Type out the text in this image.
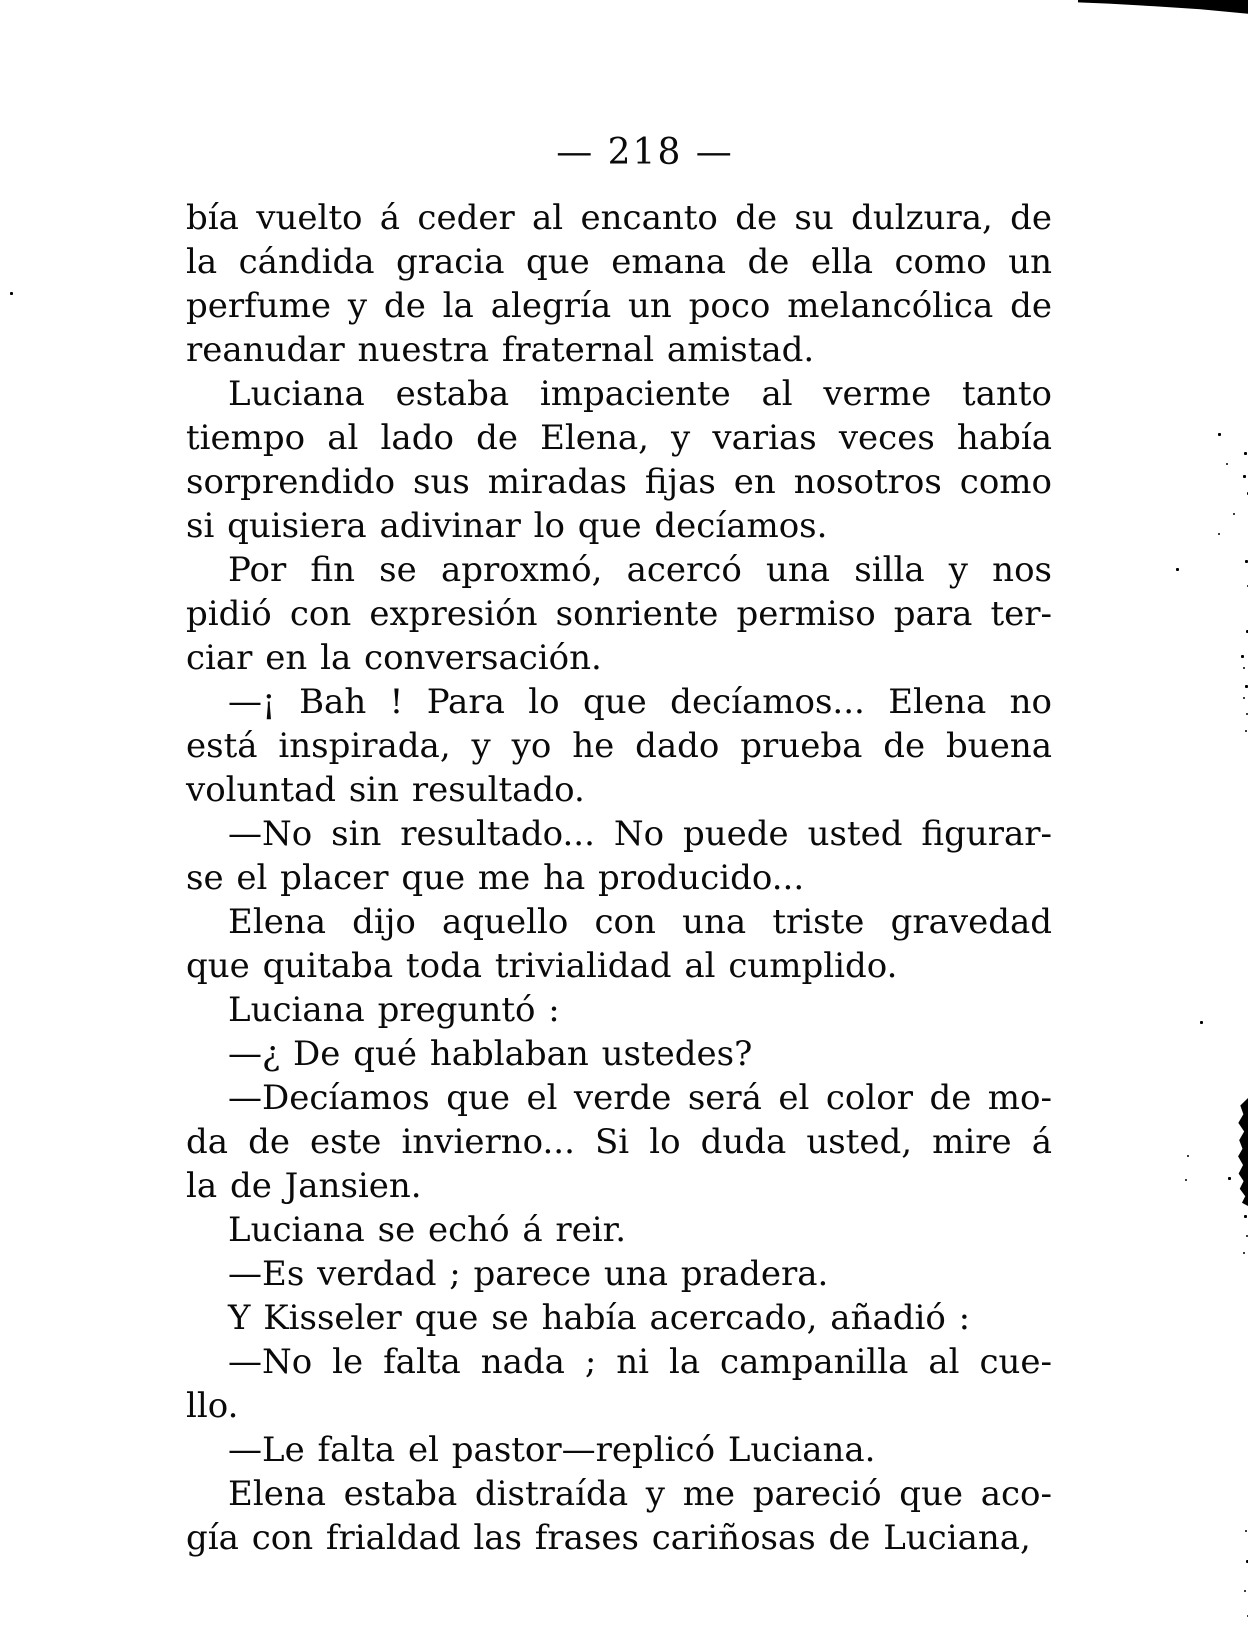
— 218 —
bía vuelto á ceder al encanto de su dulzura, de
la cándida gracia que emana de ella como un
perfume y de la alegría un poco melancólica de
reanudar nuestra fraternal amistad.
Luciana estaba impaciente al verme tanto
tiempo al lado de Elena, y varias veces había
sorprendido sus miradas fijas en nosotros como
si quisiera adivinar lo que decíamos.
Por fin se aproxmó, acercó una silla y nos
pidió con expresión sonriente permiso para ter-
ciar en la conversación.
—¡ Bah ! Para lo que decíamos... Elena no
está inspirada, y yo he dado prueba de buena
voluntad sin resultado.
—No sin resultado... No puede usted figurar-
se el placer que me ha producido...
Elena dijo aquello con una triste gravedad
que quitaba toda trivialidad al cumplido.
Luciana preguntó :
—¿ De qué hablaban ustedes?
—Decíamos que el verde será el color de mo-
da de este invierno... Si lo duda usted, mire á
la de Jansien.
Luciana se echó á reir.
—Es verdad ; parece una pradera.
Y Kisseler que se había acercado, añadió :
—No le falta nada ; ni la campanilla al cue-
llo.
—Le falta el pastor—replicó Luciana.
Elena estaba distraída y me pareció que aco-
gía con frialdad las frases cariñosas de Luciana,
